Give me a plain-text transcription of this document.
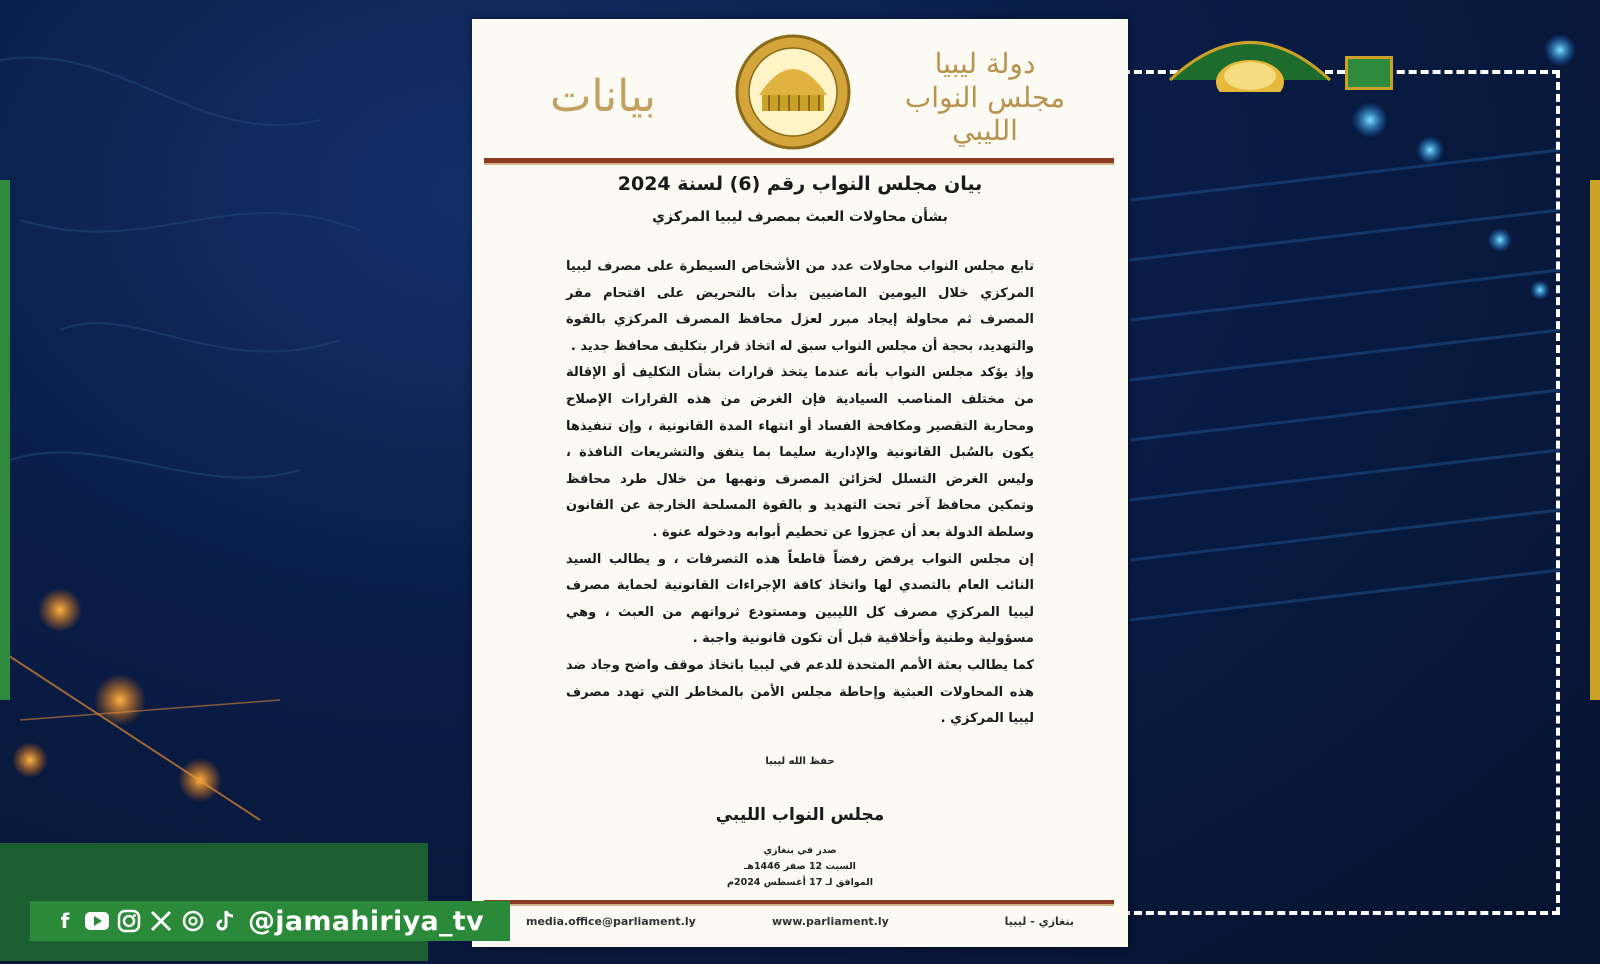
بيانات
دولة ليبيا
مجلس النواب الليبي
بيان مجلس النواب رقم (6) لسنة 2024
بشأن محاولات العبث بمصرف ليبيا المركزي

تابع مجلس النواب محاولات عدد من الأشخاص السيطرة على مصرف ليبيا المركزي خلال اليومين الماضيين بدأت بالتحريض على اقتحام مقر المصرف ثم محاولة إيجاد مبرر لعزل محافظ المصرف المركزي بالقوة والتهديد، بحجة أن مجلس النواب سبق له اتخاذ قرار بتكليف محافظ جديد .

وإذ يؤكد مجلس النواب بأنه عندما يتخذ قرارات بشأن التكليف أو الإقالة من مختلف المناصب السيادية فإن الغرض من هذه القرارات الإصلاح ومحاربة التقصير ومكافحة الفساد أو انتهاء المدة القانونية ، وإن تنفيذها يكون بالسُبل القانونية والإدارية سليما بما يتفق والتشريعات النافذة ، وليس الغرض التسلل لخزائن المصرف ونهبها من خلال طرد محافظ وتمكين محافظ آخر تحت التهديد و بالقوة المسلحة الخارجة عن القانون وسلطة الدولة بعد أن عجزوا عن تحطيم أبوابه ودخوله عنوة .

إن مجلس النواب يرفض رفضاً قاطعاً هذه التصرفات ، و يطالب السيد النائب العام بالتصدي لها واتخاذ كافة الإجراءات القانونية لحماية مصرف ليبيا المركزي مصرف كل الليبين ومستودع ثرواتهم من العبث ، وهي مسؤولية وطنية وأخلاقية قبل أن تكون قانونية واجبة .

كما يطالب بعثة الأمم المتحدة للدعم في ليبيا باتخاذ موقف واضح وجاد ضد هذه المحاولات العبثية وإحاطة مجلس الأمن بالمخاطر التي تهدد مصرف ليبيا المركزي .

حفظ الله ليبيا
مجلس النواب الليبي
صدر في بنغازي
السبت 12 صفر 1446هـ
الموافق لـ 17 أغسطس 2024م
media.office@parliament.ly	www.parliament.ly	بنغازي - ليبيا
f	@jamahiriya_tv
